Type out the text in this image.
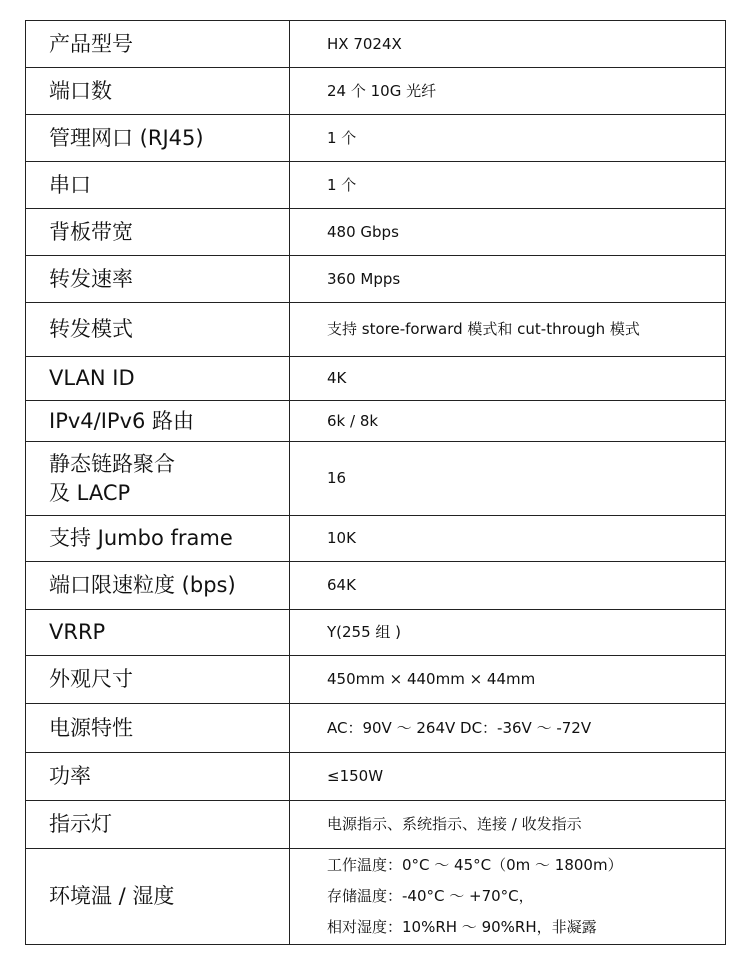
产品型号	HX 7024X
端口数	24 个 10G 光纤
管理网口 (RJ45)	1 个
串口	1 个
背板带宽	480 Gbps
转发速率	360 Mpps
转发模式	支持 store-forward 模式和 cut-through 模式
VLAN ID	4K
IPv4/IPv6 路由	6k / 8k

静态链路聚合
及 LACP	16
支持 Jumbo frame	10K
端口限速粒度 (bps)	64K
VRRP	Y(255 组 )
外观尺寸	450mm × 440mm × 44mm
电源特性	AC：90V ～ 264V DC：-36V ～ -72V
功率	≤150W
指示灯	电源指示、系统指示、连接 / 收发指示
环境温 / 湿度	工作温度：0°C ～ 45°C（0m ～ 1800m）
存储温度：-40°C ～ +70°C，
相对湿度：10%RH ～ 90%RH，非凝露
